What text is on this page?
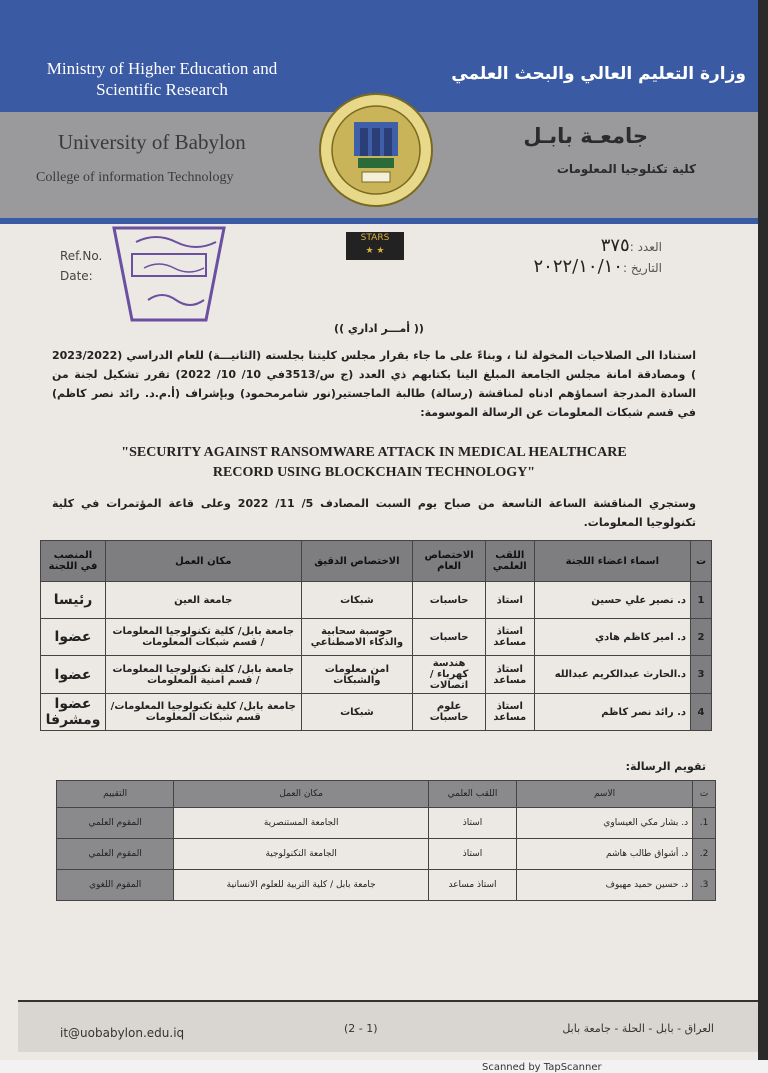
Ministry of Higher Education and Scientific Research
وزارة التعليم العالي والبحث العلمي
University of Babylon
College of information Technology
جامعـة بابـل
كلية تكنلوجيا المعلومات
STARS
★ ★
Ref.No.
Date:
العدد :٣٧٥
التاريخ :٢٠٢٢/١٠/١٠
(( أمـــر اداري ))
استنادا الى الصلاحيات المخولة لنا ، وبناءً على ما جاء بقرار مجلس كليتنا بجلسته (الثانيـــة) للعام الدراسي (2023/2022 ) ومصادقة امانة مجلس الجامعة المبلغ الينا بكتابهم ذي العدد (ج س/3513في 10/ 10/ 2022) تقرر تشكيل لجنة من السادة المدرجة اسماؤهم ادناه لمناقشة (رسالة) طالبة الماجستير(نور شامرمحمود) وبإشراف (أ.م.د. رائد نصر كاظم) في قسم شبكات المعلومات عن الرسالة الموسومة:
"SECURITY AGAINST RANSOMWARE ATTACK IN MEDICAL HEALTHCARE
RECORD USING BLOCKCHAIN TECHNOLOGY"
وستجري المناقشة الساعة التاسعة من صباح يوم السبت المصادف 5/ 11/ 2022 وعلى قاعة المؤتمرات في كلية تكنولوجيا المعلومات.
ت	اسماء اعضاء اللجنة	اللقب العلمي	الاختصاص العام	الاختصاص الدقيق	مكان العمل	المنصب في اللجنة
1	د. نصير علي حسين	استاذ	حاسبات	شبكات	جامعة العين	رئيسا
2	د. امير كاظم هادي	استاذ مساعد	حاسبات	حوسبة سحابية والذكاء الاصطناعي	جامعة بابل/ كلية تكنولوجيا المعلومات / قسم شبكات المعلومات	عضوا
3	د.الحارث عبدالكريم عبدالله	استاذ مساعد	هندسة كهرباء / اتصالات	امن معلومات والشبكات	جامعة بابل/ كلية تكنولوجيا المعلومات / قسم امنية المعلومات	عضوا
4	د. رائد نصر كاظم	استاذ مساعد	علوم حاسبات	شبكات	جامعة بابل/ كلية تكنولوجيا المعلومات/ قسم شبكات المعلومات	عضوا ومشرفا
تقويم الرسالة:
ت	الاسم	اللقب العلمي	مكان العمل	التقييم
1.	د. بشار مكي العيساوي	استاذ	الجامعة المستنصرية	المقوم العلمي
2.	د. أشواق طالب هاشم	استاذ	الجامعة التكنولوجية	المقوم العلمي
3.	د. حسين حميد مهيوف	استاذ مساعد	جامعة بابل / كلية التربية للعلوم الانسانية	المقوم اللغوي
it@uobabylon.edu.iq	(2 - 1)	العراق - بابل - الحلة - جامعة بابل
Scanned by TapScanner
